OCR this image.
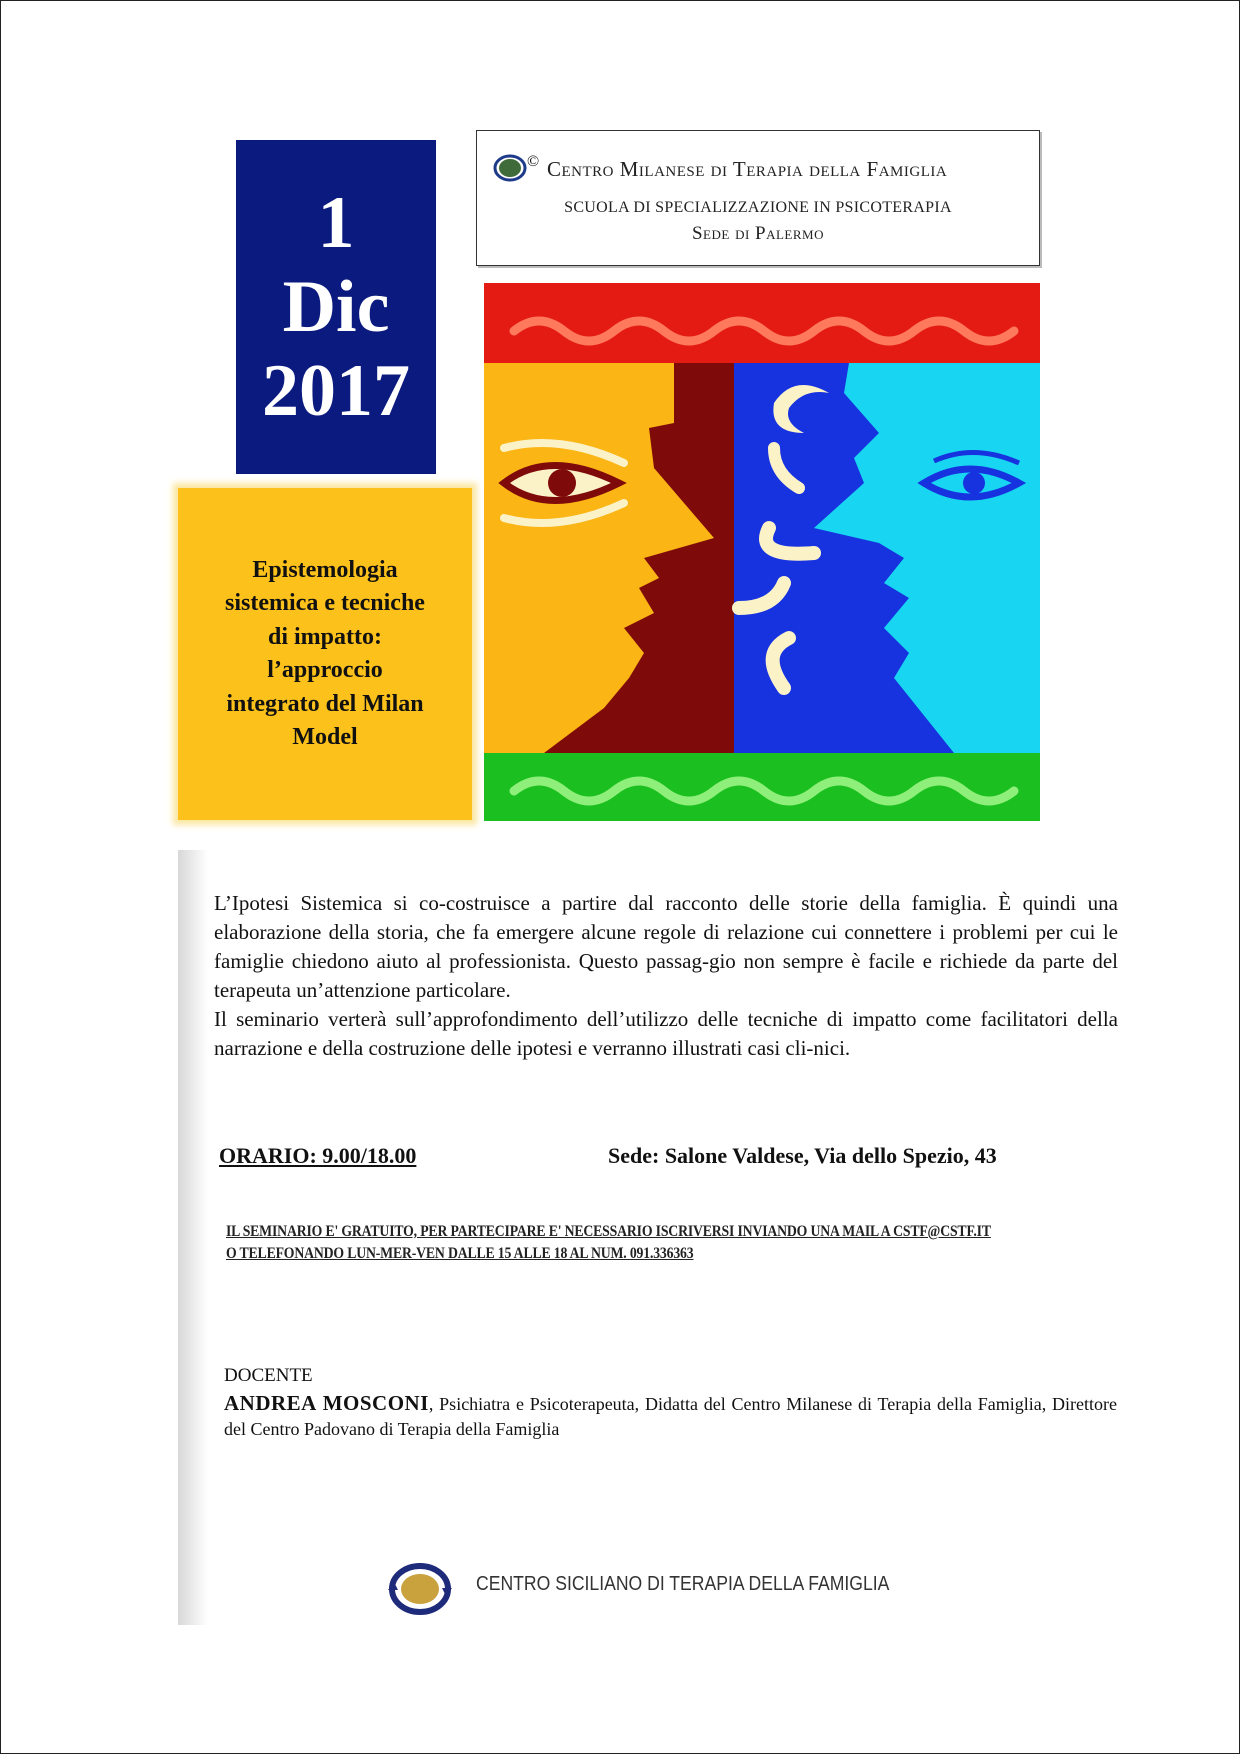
1
Dic
2017
© Centro Milanese di Terapia della Famiglia
SCUOLA DI SPECIALIZZAZIONE IN PSICOTERAPIA
Sede di Palermo
Epistemologia
sistemica e tecniche
di impatto:
l’approccio
integrato del Milan
Model

L’Ipotesi Sistemica si co-costruisce a partire dal racconto delle storie della famiglia. È quindi una elaborazione della storia, che fa emergere alcune regole di relazione cui connettere i problemi per cui le famiglie chiedono aiuto al professionista. Questo passag-gio non sempre è facile e richiede da parte del terapeuta un’attenzione particolare.

Il seminario verterà sull’approfondimento dell’utilizzo delle tecniche di impatto come facilitatori della narrazione e della costruzione delle ipotesi e verranno illustrati casi cli-nici.

ORARIO: 9.00/18.00	Sede: Salone Valdese, Via dello Spezio, 43
IL SEMINARIO E' GRATUITO, PER PARTECIPARE E' NECESSARIO ISCRIVERSI INVIANDO UNA MAIL A CSTF@CSTF.IT
O TELEFONANDO LUN-MER-VEN DALLE 15 ALLE 18 AL NUM. 091.336363
DOCENTE
ANDREA MOSCONI, Psichiatra e Psicoterapeuta, Didatta del Centro Milanese di Terapia della Famiglia, Direttore del Centro Padovano di Terapia della Famiglia
CENTRO SICILIANO DI TERAPIA DELLA FAMIGLIA
